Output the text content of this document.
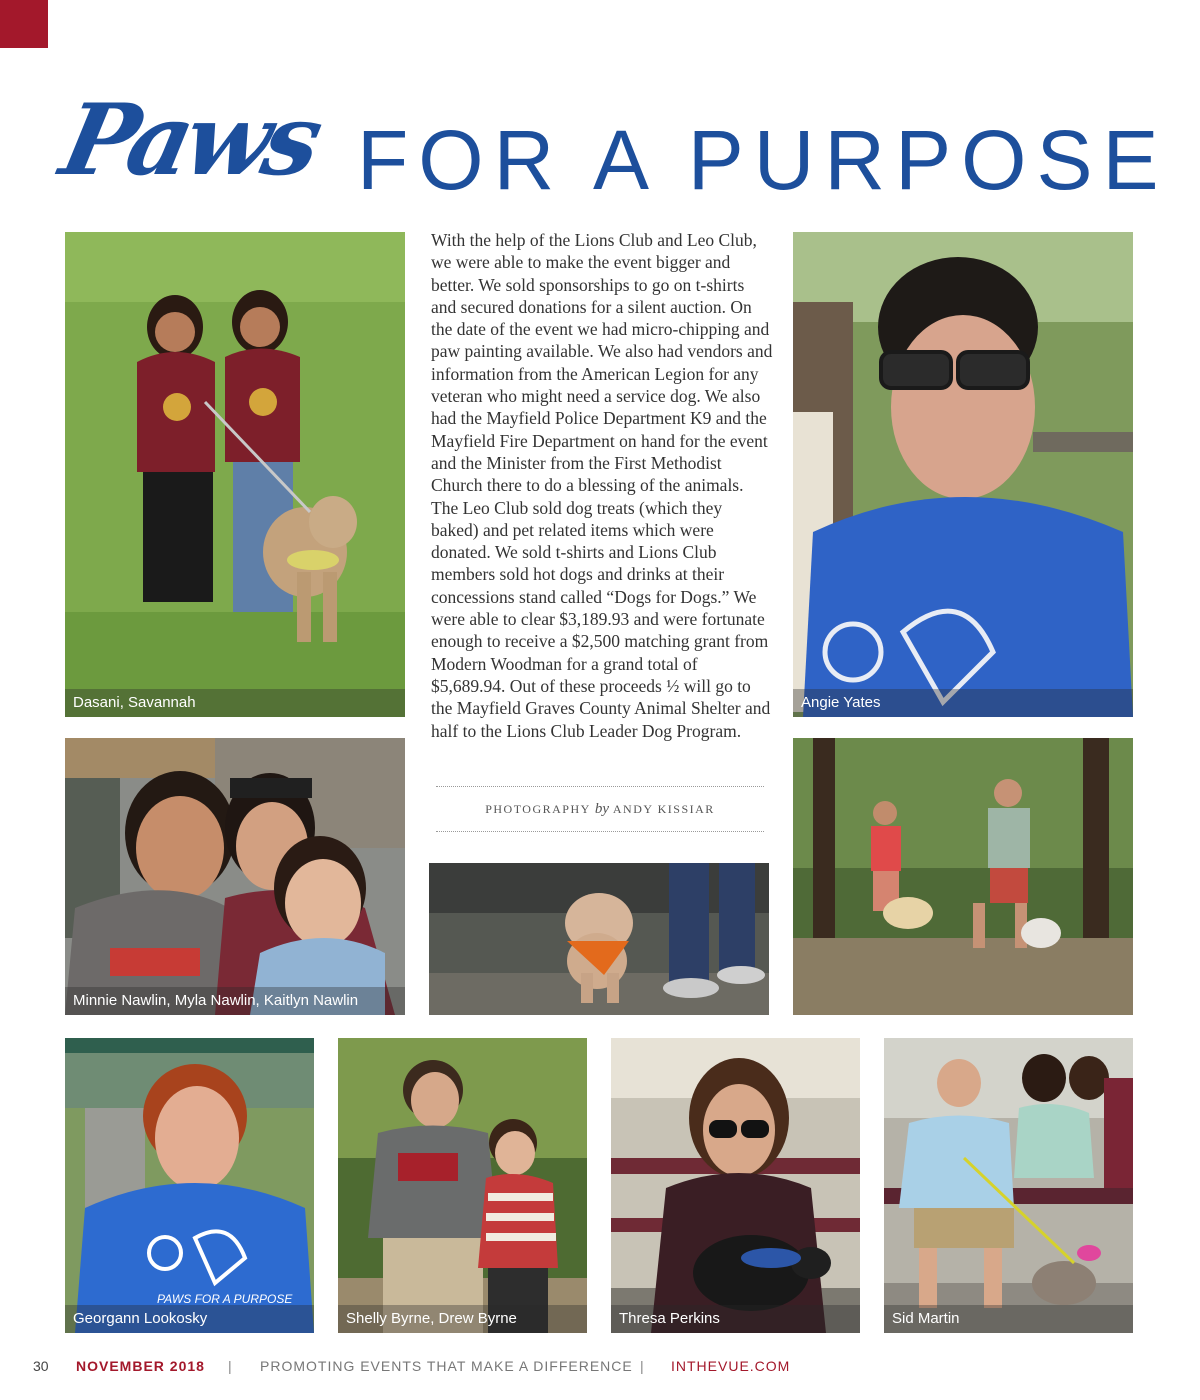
Paws FOR A PURPOSE
Dasani, Savannah
With the help of the Lions Club and Leo Club, we were able to make the event bigger and better. We sold sponsorships to go on t-shirts and secured donations for a silent auction. On the date of the event we had micro-chipping and paw painting available. We also had vendors and information from the American Legion for any veteran who might need a service dog. We also had the Mayfield Police Department K9 and the Mayfield Fire Department on hand for the event and the Minister from the First Methodist Church there to do a blessing of the animals. The Leo Club sold dog treats (which they baked) and pet related items which were donated. We sold t-shirts and Lions Club members sold hot dogs and drinks at their concessions stand called “Dogs for Dogs.” We were able to clear $3,189.93 and were fortunate enough to receive a $2,500 matching grant from Modern Woodman for a grand total of $5,689.94. Out of these proceeds ½ will go to the Mayfield Graves County Animal Shelter and half to the Lions Club Leader Dog Program.
PHOTOGRAPHY by ANDY KISSIAR
Angie Yates
Minnie Nawlin, Myla Nawlin, Kaitlyn Nawlin
PAWS FOR A PURPOSE
Georgann Lookosky	Shelly Byrne, Drew Byrne	Thresa Perkins	Sid Martin
30 NOVEMBER 2018 | PROMOTING EVENTS THAT MAKE A DIFFERENCE | INTHEVUE.COM
